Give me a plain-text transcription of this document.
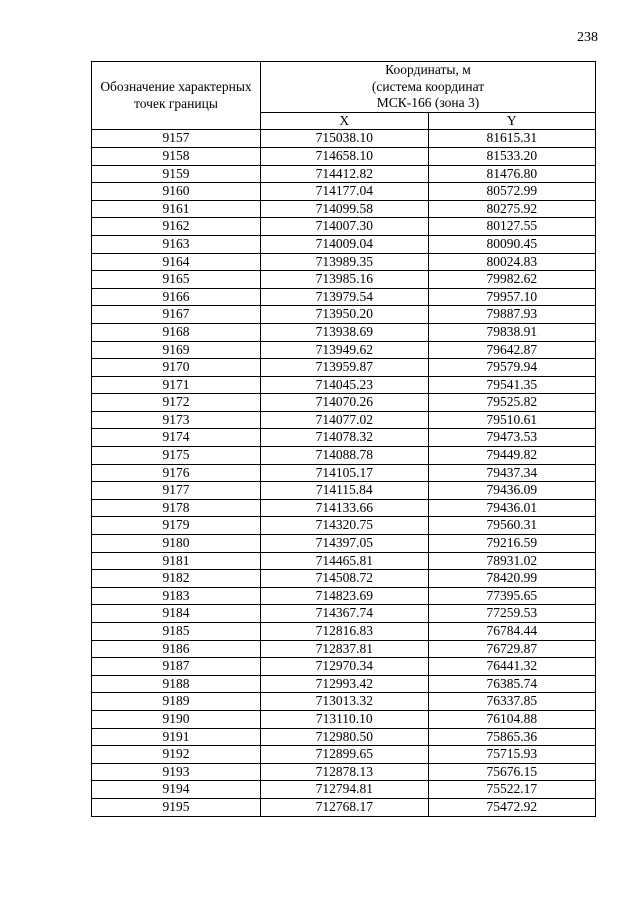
238
Обозначение характерных точек границы	Координаты, м
(система координат
МСК-166 (зона 3)	

	X	Y
9157	715038.10	81615.31
9158	714658.10	81533.20
9159	714412.82	81476.80
9160	714177.04	80572.99
9161	714099.58	80275.92
9162	714007.30	80127.55
9163	714009.04	80090.45
9164	713989.35	80024.83
9165	713985.16	79982.62
9166	713979.54	79957.10
9167	713950.20	79887.93
9168	713938.69	79838.91
9169	713949.62	79642.87
9170	713959.87	79579.94
9171	714045.23	79541.35
9172	714070.26	79525.82
9173	714077.02	79510.61
9174	714078.32	79473.53
9175	714088.78	79449.82
9176	714105.17	79437.34
9177	714115.84	79436.09
9178	714133.66	79436.01
9179	714320.75	79560.31
9180	714397.05	79216.59
9181	714465.81	78931.02
9182	714508.72	78420.99
9183	714823.69	77395.65
9184	714367.74	77259.53
9185	712816.83	76784.44
9186	712837.81	76729.87
9187	712970.34	76441.32
9188	712993.42	76385.74
9189	713013.32	76337.85
9190	713110.10	76104.88
9191	712980.50	75865.36
9192	712899.65	75715.93
9193	712878.13	75676.15
9194	712794.81	75522.17
9195	712768.17	75472.92
